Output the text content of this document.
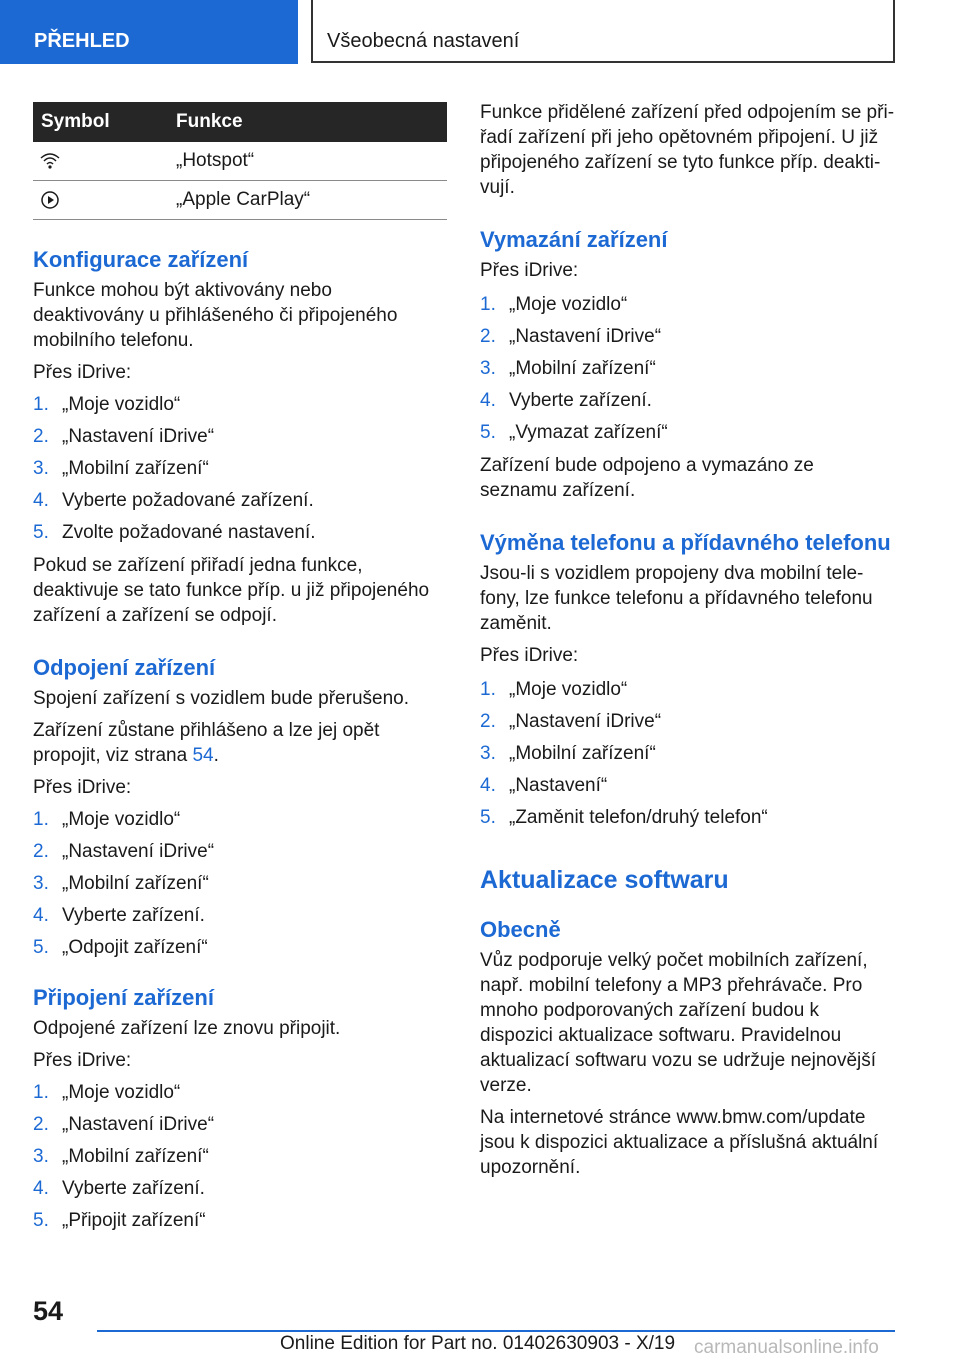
PŘEHLED	Všeobecná nastavení
Symbol	Funkce
	„Hotspot“
	„Apple CarPlay“
Konfigurace zařízení

Funkce mohou být aktivovány nebo deaktivovány u přihlášeného či připojeného mobilního telefonu.

Přes iDrive:

1. „Moje vozidlo“
2. „Nastavení iDrive“
3. „Mobilní zařízení“
4. Vyberte požadované zařízení.
5. Zvolte požadované nastavení.

Pokud se zařízení přiřadí jedna funkce, deaktivuje se tato funkce příp. u již připojeného zařízení a zařízení se odpojí.

Odpojení zařízení

Spojení zařízení s vozidlem bude přerušeno.

Zařízení zůstane přihlášeno a lze jej opět propojit, viz strana 54.

Přes iDrive:

1. „Moje vozidlo“
2. „Nastavení iDrive“
3. „Mobilní zařízení“
4. Vyberte zařízení.
5. „Odpojit zařízení“
Připojení zařízení

Odpojené zařízení lze znovu připojit.

Přes iDrive:

1. „Moje vozidlo“
2. „Nastavení iDrive“
3. „Mobilní zařízení“
4. Vyberte zařízení.
5. „Připojit zařízení“

Funkce přidělené zařízení před odpojením se přiřadí zařízení při jeho opětovném připojení. U již připojeného zařízení se tyto funkce příp. deaktivují.

Vymazání zařízení

Přes iDrive:

1. „Moje vozidlo“
2. „Nastavení iDrive“
3. „Mobilní zařízení“
4. Vyberte zařízení.
5. „Vymazat zařízení“

Zařízení bude odpojeno a vymazáno ze seznamu zařízení.

Výměna telefonu a přídavného telefonu

Jsou-li s vozidlem propojeny dva mobilní telefony, lze funkce telefonu a přídavného telefonu zaměnit.

Přes iDrive:

1. „Moje vozidlo“
2. „Nastavení iDrive“
3. „Mobilní zařízení“
4. „Nastavení“
5. „Zaměnit telefon/druhý telefon“
Aktualizace softwaru
Obecně

Vůz podporuje velký počet mobilních zařízení, např. mobilní telefony a MP3 přehrávače. Pro mnoho podporovaných zařízení budou k dispozici aktualizace softwaru. Pravidelnou aktualizací softwaru vozu se udržuje nejnovější verze.

Na internetové stránce www.bmw.com/update jsou k dispozici aktualizace a příslušná aktuální upozornění.

54
Online Edition for Part no. 01402630903 - X/19 carmanualsonline.info
